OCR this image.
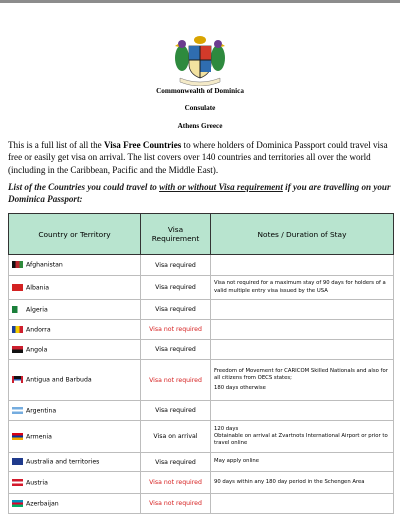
Commonwealth of Dominica
Consulate
Athens Greece
This is a full list of all the Visa Free Countries to where holders of Dominica Passport could travel visa free or easily get visa on arrival. The list covers over 140 countries and territories all over the world (including in the Caribbean, Pacific and the Middle East).
List of the Countries you could travel to with or without Visa requirement if you are travelling on your Dominica Passport:
Country or Territory	Visa Requirement	Notes / Duration of Stay
Afghanistan	Visa required	

Albania	Visa required	Visa not required for a maximum stay of 90 days for holders of a valid multiple entry visa issued by the USA

Algeria	Visa required	

Andorra	Visa not required	

Angola	Visa required	

Antigua and Barbuda	Visa not required	Freedom of Movement for CARICOM Skilled Nationals and also for all citizens from OECS states;
180 days otherwise

Argentina	Visa required	

Armenia	Visa on arrival	120 days
Obtainable on arrival at Zvartnots International Airport or prior to travel online

Australia and territories	Visa required	May apply online

Austria	Visa not required	90 days within any 180 day period in the Schengen Area

Azerbaijan	Visa not required	
